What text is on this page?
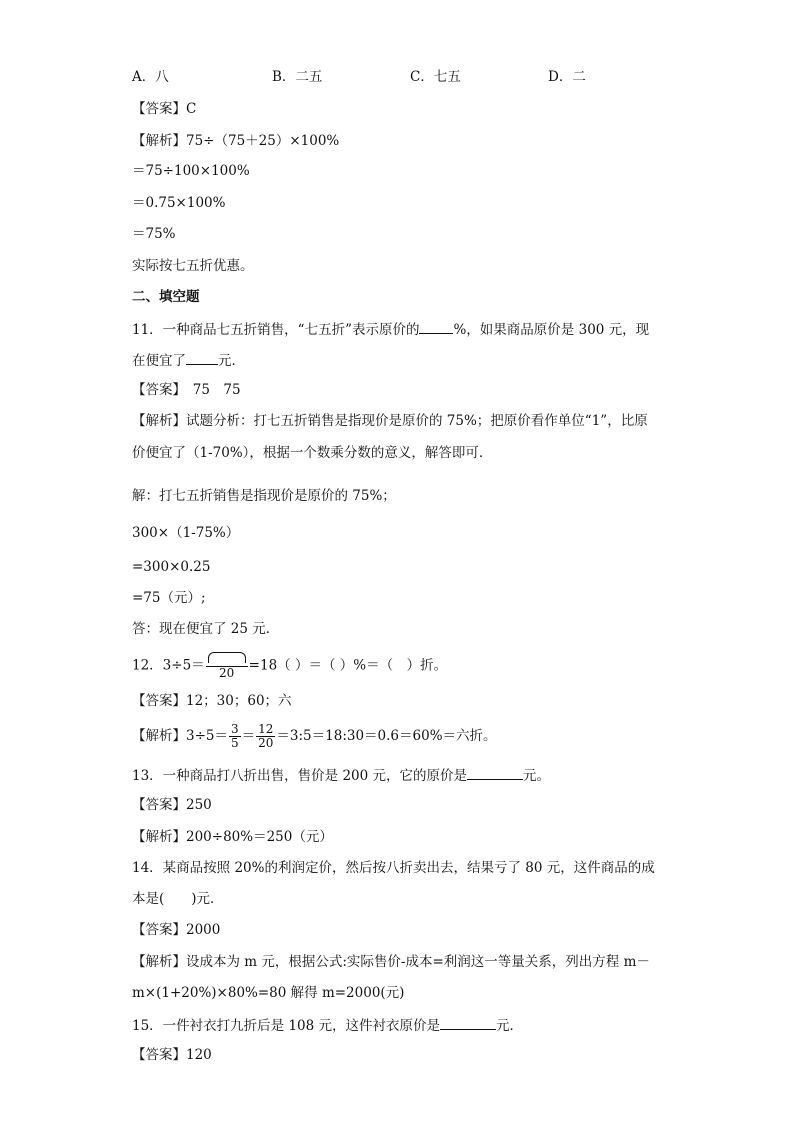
A．八	B．二五	C．七五	D．二
【答案】C
【解析】75÷（75＋25）×100%
＝75÷100×100%
＝0.75×100%
＝75%
实际按七五折优惠。
二、填空题
11．一种商品七五折销售，“七五折”表示原价的	%，如果商品原价是 300 元，现
在便宜了 元．
【答案】　75　75
【解析】试题分析：打七五折销售是指现价是原价的 75%；把原价看作单位“1”，比原
价便宜了（1-70%），根据一个数乘分数的意义，解答即可．
解：打七五折销售是指现价是原价的 75%；
300×（1-75%）
=300×0.25
=75（元）;
答：现在便宜了 25 元．
12．3÷5＝	20	=18（ ）＝（ ）%＝（　）折。
【答案】12；30；60；六
【解析】$3\div 5= \frac{3}{5} = \frac{12}{20}$ ＝3:5＝18:30＝0.6＝60%＝六折。
13．一种商品打八折出售，售价是 200 元，它的原价是	元。
【答案】250
【解析】200÷80%＝250（元）
14．某商品按照 20%的利润定价，然后按八折卖出去，结果亏了 80 元，这件商品的成
本是(　　)元．
【答案】2000
【解析】设成本为 m 元，根据公式:实际售价-成本=利润这一等量关系，列出方程 m－
m×(1+20%)×80%=80 解得 m=2000(元)
15．一件衬衣打九折后是 108 元，这件衬衣原价是	元．
【答案】120
